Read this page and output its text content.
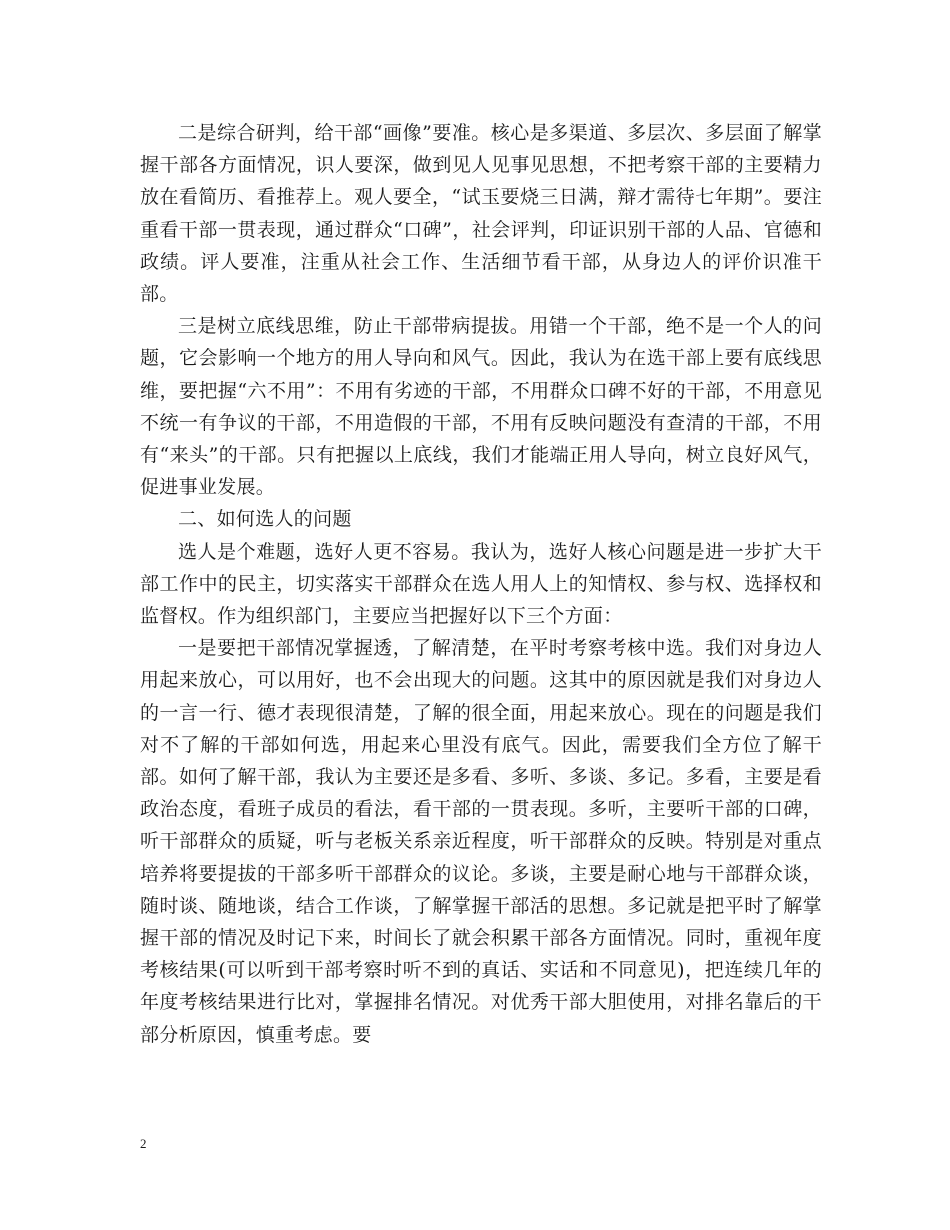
二是综合研判，给干部“画像”要准。核心是多渠道、多层次、多层面了解掌握干部各方面情况，识人要深，做到见人见事见思想，不把考察干部的主要精力放在看简历、看推荐上。观人要全，“试玉要烧三日满，辩才需待七年期”。要注重看干部一贯表现，通过群众“口碑”，社会评判，印证识别干部的人品、官德和政绩。评人要准，注重从社会工作、生活细节看干部，从身边人的评价识准干部。

三是树立底线思维，防止干部带病提拔。用错一个干部，绝不是一个人的问题，它会影响一个地方的用人导向和风气。因此，我认为在选干部上要有底线思维，要把握“六不用”：不用有劣迹的干部，不用群众口碑不好的干部，不用意见不统一有争议的干部，不用造假的干部，不用有反映问题没有查清的干部，不用有“来头”的干部。只有把握以上底线，我们才能端正用人导向，树立良好风气，促进事业发展。

二、如何选人的问题

选人是个难题，选好人更不容易。我认为，选好人核心问题是进一步扩大干部工作中的民主，切实落实干部群众在选人用人上的知情权、参与权、选择权和监督权。作为组织部门，主要应当把握好以下三个方面：

一是要把干部情况掌握透，了解清楚，在平时考察考核中选。我们对身边人用起来放心，可以用好，也不会出现大的问题。这其中的原因就是我们对身边人的一言一行、德才表现很清楚，了解的很全面，用起来放心。现在的问题是我们对不了解的干部如何选，用起来心里没有底气。因此，需要我们全方位了解干部。如何了解干部，我认为主要还是多看、多听、多谈、多记。多看，主要是看政治态度，看班子成员的看法，看干部的一贯表现。多听，主要听干部的口碑，听干部群众的质疑，听与老板关系亲近程度，听干部群众的反映。特别是对重点培养将要提拔的干部多听干部群众的议论。多谈，主要是耐心地与干部群众谈，随时谈、随地谈，结合工作谈，了解掌握干部活的思想。多记就是把平时了解掌握干部的情况及时记下来，时间长了就会积累干部各方面情况。同时，重视年度考核结果(可以听到干部考察时听不到的真话、实话和不同意见)，把连续几年的年度考核结果进行比对，掌握排名情况。对优秀干部大胆使用，对排名靠后的干部分析原因，慎重考虑。要

2
